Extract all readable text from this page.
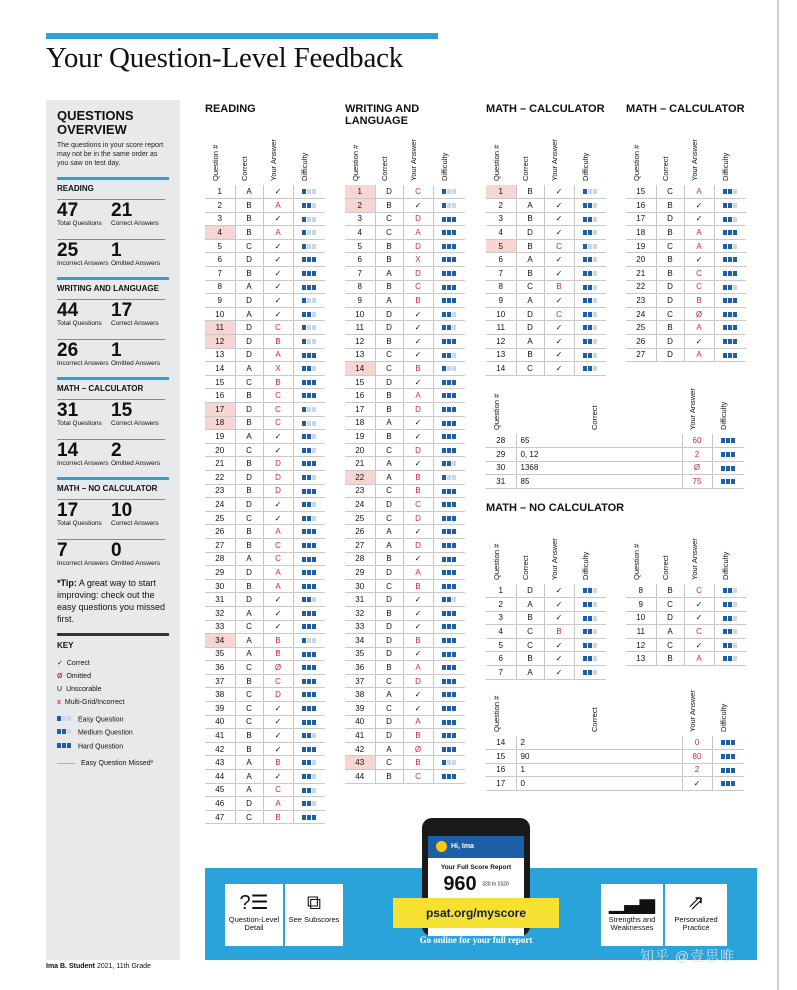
Your Question-Level Feedback
QUESTIONS OVERVIEW
The questions in your score report may not be in the same order as you saw on test day.
READING
47
Total Questions
21
Correct Answers
25
Incorrect Answers
1
Omitted Answers
WRITING AND LANGUAGE
44
Total Questions
17
Correct Answers
26
Incorrect Answers
1
Omitted Answers
MATH – CALCULATOR
31
Total Questions
15
Correct Answers
14
Incorrect Answers
2
Omitted Answers
MATH – NO CALCULATOR
17
Total Questions
10
Correct Answers
7
Incorrect Answers
0
Omitted Answers
*Tip: A great way to start improving: check out the easy questions you missed first.
KEY
✓ Correct
Ø Omitted
U Unscorable
x Multi-Grid/Incorrect
Easy Question
Medium Question
Hard Question
Easy Question Missed*
Ima B. Student 2021, 11th Grade
READING	WRITING AND LANGUAGE
MATH – CALCULATOR MATH – CALCULATOR
MATH – NO CALCULATOR
Question #	Correct	Your Answer	Difficulty
1	A	✓	
2	B	A	
3	B	✓	
4	B	A	
5	C	✓	
6	D	✓	
7	B	✓	
8	A	✓	
9	D	✓	
10	A	✓	
11	D	C	
12	D	B	
13	D	A	
14	A	X	
15	C	B	
16	B	C	
17	D	C	
18	B	C	
19	A	✓	
20	C	✓	
21	B	D	
22	D	D	
23	B	D	
24	D	✓	
25	C	✓	
26	B	A	
27	B	C	
28	A	C	
29	D	A	
30	B	A	
31	D	✓	
32	A	✓	
33	C	✓	
34	A	B	
35	A	B	
36	C	Ø	
37	B	C	
38	C	D	
39	C	✓	
40	C	✓	
41	B	✓	
42	B	✓	
43	A	B	
44	A	✓	
45	A	C	
46	D	A	
47	C	B	
Question #	Correct	Your Answer	Difficulty
1	D	C	
2	B	✓	
3	C	D	
4	C	A	
5	B	D	
6	B	X	
7	A	D	
8	B	C	
9	A	B	
10	D	✓	
11	D	✓	
12	B	✓	
13	C	✓	
14	C	B	
15	D	✓	
16	B	A	
17	B	D	
18	A	✓	
19	B	✓	
20	C	D	
21	A	✓	
22	A	B	
23	C	B	
24	D	C	
25	C	D	
26	A	✓	
27	A	D	
28	B	✓	
29	D	A	
30	C	B	
31	D	✓	
32	B	✓	
33	D	✓	
34	D	B	
35	D	✓	
36	B	A	
37	C	D	
38	A	✓	
39	C	✓	
40	D	A	
41	D	B	
42	A	Ø	
43	C	B	
44	B	C	
Question #	Correct	Your Answer	Difficulty
1	B	✓	
2	A	✓	
3	B	✓	
4	D	✓	
5	B	C	
6	A	✓	
7	B	✓	
8	C	B	
9	A	✓	
10	D	C	
11	D	✓	
12	A	✓	
13	B	✓	
14	C	✓	
Question #	Correct	Your Answer	Difficulty
15	C	A	
16	B	✓	
17	D	✓	
18	B	A	
19	C	A	
20	B	✓	
21	B	C	
22	D	C	
23	D	B	
24	C	Ø	
25	B	A	
26	D	✓	
27	D	A	
Question #	Correct	Your Answer	Difficulty
28	65	60	
29	0, 12	2	
30	1368	Ø	
31	85	75	
Question #	Correct	Your Answer	Difficulty
1	D	✓	
2	A	✓	
3	B	✓	
4	C	B	
5	C	✓	
6	B	✓	
7	A	✓	
Question #	Correct	Your Answer	Difficulty
8	B	C	
9	C	✓	
10	D	✓	
11	A	C	
12	C	✓	
13	B	A	
Question #	Correct	Your Answer	Difficulty
14	2	0	
15	90	80	
16	1	2	
17	0	✓	
?☰
Question-Level Detail
⧉
See Subscores
▁▃▅
Strengths and Weaknesses
⇗
Personalized Practice
Hi, Ima
Your Full Score Report
960 320 to 1520
psat.org/myscore
Go online for your full report
知乎 @壹思唯
